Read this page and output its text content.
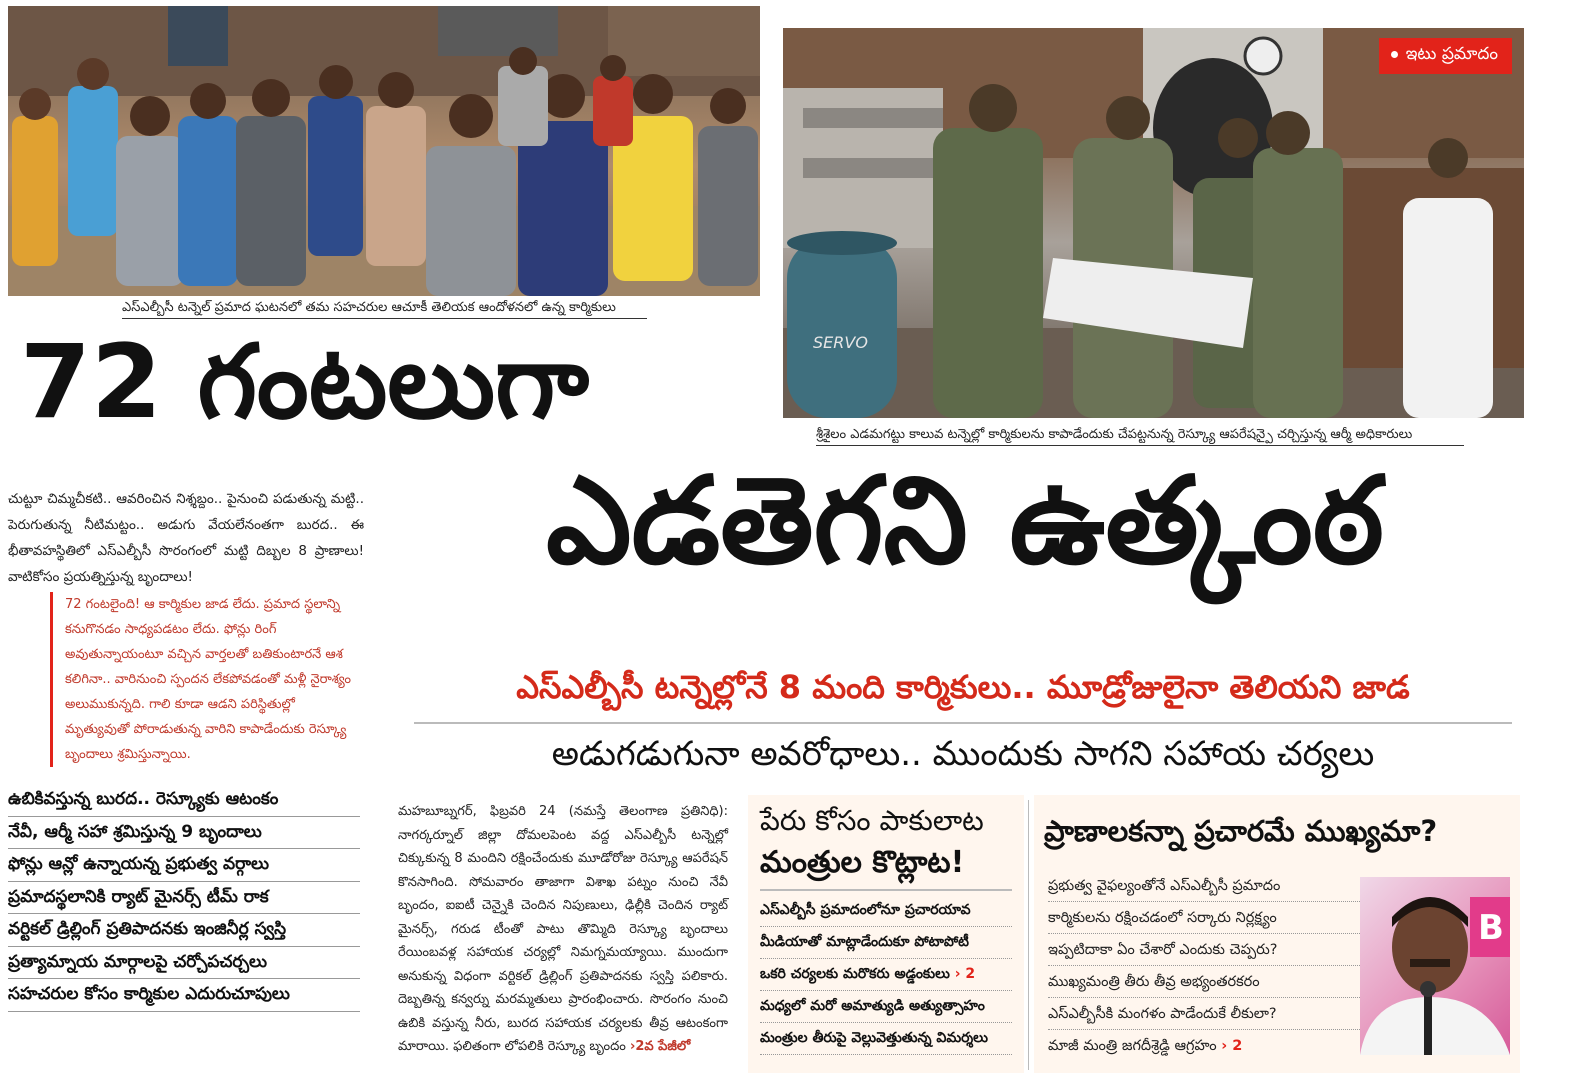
ఎస్ఎల్బీసీ టన్నెల్ ప్రమాద ఘటనలో తమ సహచరుల ఆచూకీ తెలియక ఆందోళనలో ఉన్న కార్మికులు
SERVO
ఇటు ప్రమాదం
శ్రీశైలం ఎడమగట్టు కాలువ టన్నెల్లో కార్మికులను కాపాడేందుకు చేపట్టనున్న రెస్క్యూ ఆపరేషన్పై చర్చిస్తున్న ఆర్మీ అధికారులు
72 గంటలుగా
ఎడతెగని ఉత్కంఠ
చుట్టూ చిమ్మచీకటి.. ఆవరించిన నిశ్శబ్దం.. పైనుంచి పడుతున్న మట్టి.. పెరుగుతున్న నీటిమట్టం.. అడుగు వేయలేనంతగా బురద.. ఈ భీతావహస్థితిలో ఎస్ఎల్బీసీ సొరంగంలో మట్టి దిబ్బల 8 ప్రాణాలు! వాటికోసం ప్రయత్నిస్తున్న బృందాలు!
72 గంటలైంది! ఆ కార్మికుల జాడ లేదు. ప్రమాద స్థలాన్ని కనుగొనడం సాధ్యపడటం లేదు. ఫోన్లు రింగ్ అవుతున్నాయంటూ వచ్చిన వార్తలతో బతికుంటారనే ఆశ కలిగినా.. వారినుంచి స్పందన లేకపోవడంతో మళ్లీ నైరాశ్యం అలుముకున్నది. గాలి కూడా ఆడని పరిస్థితుల్లో మృత్యువుతో పోరాడుతున్న వారిని కాపాడేందుకు రెస్క్యూ బృందాలు శ్రమిస్తున్నాయి.
ఎస్ఎల్బీసీ టన్నెల్లోనే 8 మంది కార్మికులు.. మూడ్రోజులైనా తెలియని జాడ
అడుగడుగునా అవరోధాలు.. ముందుకు సాగని సహాయ చర్యలు
ఉబికివస్తున్న బురద.. రెస్క్యూకు ఆటంకం
నేవీ, ఆర్మీ సహా శ్రమిస్తున్న 9 బృందాలు
ఫోన్లు ఆన్లో ఉన్నాయన్న ప్రభుత్వ వర్గాలు
ప్రమాదస్థలానికి ర్యాట్ మైనర్స్ టీమ్ రాక
వర్టికల్ డ్రిల్లింగ్ ప్రతిపాదనకు ఇంజినీర్ల స్వస్తి
ప్రత్యామ్నాయ మార్గాలపై చర్చోపచర్చలు
సహచరుల కోసం కార్మికుల ఎదురుచూపులు
మహబూబ్నగర్, ఫిబ్రవరి 24 (నమస్తే తెలంగాణ ప్రతినిధి): నాగర్కర్నూల్ జిల్లా దోమలపెంట వద్ద ఎస్ఎల్బీసీ టన్నెల్లో చిక్కుకున్న 8 మందిని రక్షించేందుకు మూడోరోజు రెస్క్యూ ఆపరేషన్ కొనసాగింది. సోమవారం తాజాగా విశాఖ పట్నం నుంచి నేవీ బృందం, ఐఐటీ చెన్నైకి చెందిన నిపుణులు, ఢిల్లీకి చెందిన ర్యాట్ మైనర్స్, గరుడ టీంతో పాటు తొమ్మిది రెస్క్యూ బృందాలు రేయింబవళ్ల సహాయక చర్యల్లో నిమగ్నమయ్యాయి. ముందుగా అనుకున్న విధంగా వర్టికల్ డ్రిల్లింగ్ ప్రతిపాదనకు స్వస్తి పలికారు. దెబ్బతిన్న కన్వర్ను మరమ్మతులు ప్రారంభించారు. సొరంగం నుంచి ఉబికి వస్తున్న నీరు, బురద సహాయక చర్యలకు తీవ్ర ఆటంకంగా మారాయి. ఫలితంగా లోపలికి రెస్క్యూ బృందం ›2వ పేజీలో
పేరు కోసం పాకులాట
మంత్రుల కొట్లాట!
ఎస్ఎల్బీసీ ప్రమాదంలోనూ ప్రచారయావ
మీడియాతో మాట్లాడేందుకూ పోటాపోటీ
ఒకరి చర్యలకు మరొకరు అడ్డంకులు › 2
మధ్యలో మరో అమాత్యుడి అత్యుత్సాహం
మంత్రుల తీరుపై వెల్లువెత్తుతున్న విమర్శలు
ప్రాణాలకన్నా ప్రచారమే ముఖ్యమా?
ప్రభుత్వ వైఫల్యంతోనే ఎస్ఎల్బీసీ ప్రమాదం
కార్మికులను రక్షించడంలో సర్కారు నిర్లక్ష్యం
ఇప్పటిదాకా ఏం చేశారో ఎందుకు చెప్పరు?
ముఖ్యమంత్రి తీరు తీవ్ర అభ్యంతరకరం
ఎస్ఎల్బీసీకి మంగళం పాడేందుకే లీకులా?
మాజీ మంత్రి జగదీశ్రెడ్డి ఆగ్రహం › 2
B
